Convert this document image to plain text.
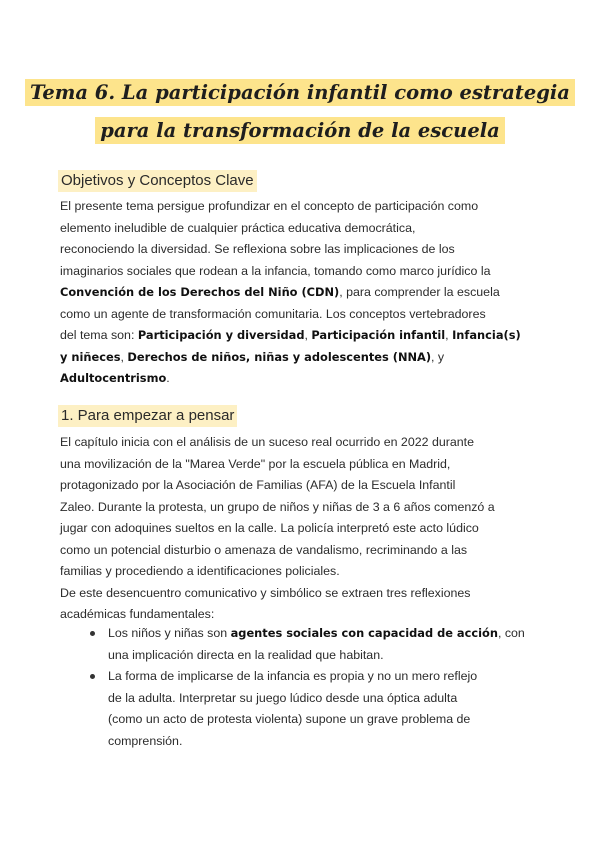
Tema 6. La participación infantil como estrategia
para la transformación de la escuela
Objetivos y Conceptos Clave
El presente tema persigue profundizar en el concepto de participación como
elemento ineludible de cualquier práctica educativa democrática,
reconociendo la diversidad. Se reflexiona sobre las implicaciones de los
imaginarios sociales que rodean a la infancia, tomando como marco jurídico la
Convención de los Derechos del Niño (CDN), para comprender la escuela
como un agente de transformación comunitaria. Los conceptos vertebradores
del tema son: Participación y diversidad, Participación infantil, Infancia(s)
y niñeces, Derechos de niños, niñas y adolescentes (NNA), y
Adultocentrismo.
1. Para empezar a pensar
El capítulo inicia con el análisis de un suceso real ocurrido en 2022 durante
una movilización de la "Marea Verde" por la escuela pública en Madrid,
protagonizado por la Asociación de Familias (AFA) de la Escuela Infantil
Zaleo. Durante la protesta, un grupo de niños y niñas de 3 a 6 años comenzó a
jugar con adoquines sueltos en la calle. La policía interpretó este acto lúdico
como un potencial disturbio o amenaza de vandalismo, recriminando a las
familias y procediendo a identificaciones policiales.
De este desencuentro comunicativo y simbólico se extraen tres reflexiones
académicas fundamentales:
Los niños y niñas son agentes sociales con capacidad de acción, con
una implicación directa en la realidad que habitan.
La forma de implicarse de la infancia es propia y no un mero reflejo
de la adulta. Interpretar su juego lúdico desde una óptica adulta
(como un acto de protesta violenta) supone un grave problema de
comprensión.
